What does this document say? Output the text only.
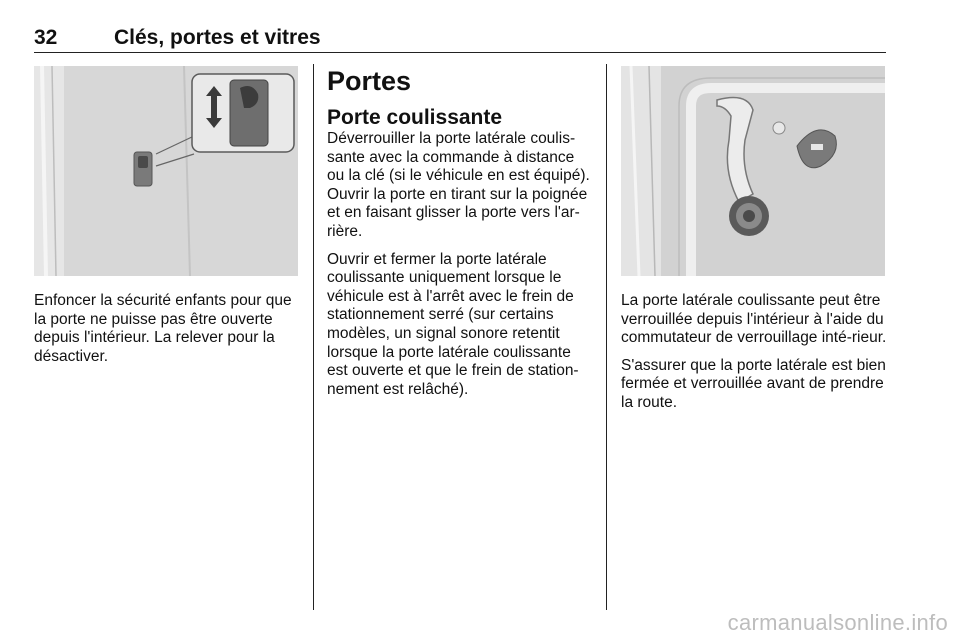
32	Clés, portes et vitres

Enfoncer la sécurité enfants pour que la porte ne puisse pas être ouverte depuis l'intérieur. La relever pour la désactiver.

Portes
Porte coulissante

Déverrouiller la porte latérale coulis-sante avec la commande à distance ou la clé (si le véhicule en est équipé). Ouvrir la porte en tirant sur la poignée et en faisant glisser la porte vers l'ar-rière.

Ouvrir et fermer la porte latérale coulissante uniquement lorsque le véhicule est à l'arrêt avec le frein de stationnement serré (sur certains modèles, un signal sonore retentit lorsque la porte latérale coulissante est ouverte et que le frein de station-nement est relâché).

La porte latérale coulissante peut être verrouillée depuis l'intérieur à l'aide du commutateur de verrouillage inté-rieur.

S'assurer que la porte latérale est bien fermée et verrouillée avant de prendre la route.

carmanualsonline.info
